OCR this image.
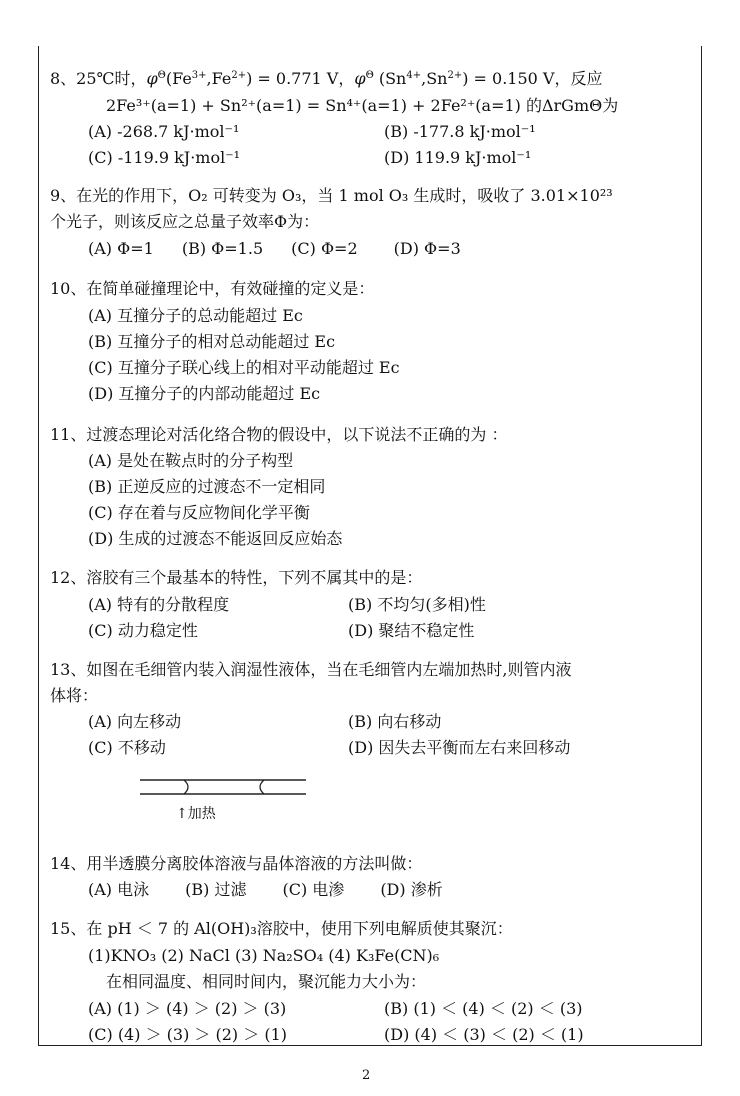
8、25℃时，$\varphi^\Theta(Fe^{3+},Fe^{2+}) = 0.771$ V，$\varphi^\Theta$ $(Sn^{4+},Sn^{2+}) = 0.150$ V，反应
2Fe³⁺(a=1) + Sn²⁺(a=1) = Sn⁴⁺(a=1) + 2Fe²⁺(a=1) 的ΔrGmΘ为
(A) -268.7 kJ·mol⁻¹	(B) -177.8 kJ·mol⁻¹
(C) -119.9 kJ·mol⁻¹	(D) 119.9 kJ·mol⁻¹
9、在光的作用下，O₂ 可转变为 O₃，当 1 mol O₃ 生成时，吸收了 3.01×10²³
个光子，则该反应之总量子效率Φ为：
(A) Φ=1 (B) Φ=1.5 (C) Φ=2 (D) Φ=3
10、在简单碰撞理论中，有效碰撞的定义是：
(A) 互撞分子的总动能超过 Ec
(B) 互撞分子的相对总动能超过 Ec
(C) 互撞分子联心线上的相对平动能超过 Ec
(D) 互撞分子的内部动能超过 Ec
11、过渡态理论对活化络合物的假设中，以下说法不正确的为 ：
(A) 是处在鞍点时的分子构型
(B) 正逆反应的过渡态不一定相同
(C) 存在着与反应物间化学平衡
(D) 生成的过渡态不能返回反应始态
12、溶胶有三个最基本的特性，下列不属其中的是：
(A) 特有的分散程度	(B) 不均匀(多相)性
(C) 动力稳定性	(D) 聚结不稳定性
13、如图在毛细管内装入润湿性液体，当在毛细管内左端加热时,则管内液
体将：
(A) 向左移动	(B) 向右移动
(C) 不移动	(D) 因失去平衡而左右来回移动
↑加热
14、用半透膜分离胶体溶液与晶体溶液的方法叫做：
(A) 电泳 (B) 过滤 (C) 电渗 (D) 渗析
15、在 pH ＜ 7 的 Al(OH)₃溶胶中，使用下列电解质使其聚沉：
(1)KNO₃ (2) NaCl (3) Na₂SO₄ (4) K₃Fe(CN)₆
在相同温度、相同时间内，聚沉能力大小为：
(A) (1) ＞ (4) ＞ (2) ＞ (3)	(B) (1) ＜ (4) ＜ (2) ＜ (3)
(C) (4) ＞ (3) ＞ (2) ＞ (1)	(D) (4) ＜ (3) ＜ (2) ＜ (1)
2
